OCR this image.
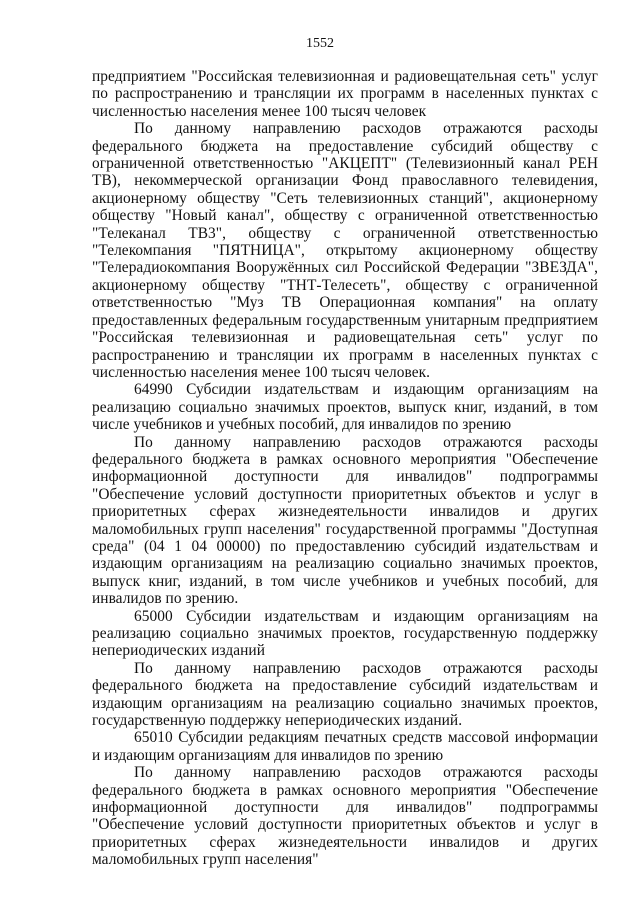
1552

предприятием "Российская телевизионная и радиовещательная сеть" услуг по распространению и трансляции их программ в населенных пунктах с численностью населения менее 100 тысяч человек

По данному направлению расходов отражаются расходы федерального бюджета на предоставление субсидий обществу с ограниченной ответственностью "АКЦЕПТ" (Телевизионный канал РЕН ТВ), некоммерческой организации Фонд православного телевидения, акционерному обществу "Сеть телевизионных станций", акционерному обществу "Новый канал", обществу с ограниченной ответственностью "Телеканал ТВ3", обществу с ограниченной ответственностью "Телекомпания "ПЯТНИЦА", открытому акционерному обществу "Телерадиокомпания Вооружённых сил Российской Федерации "ЗВЕЗДА", акционерному обществу "ТНТ-Телесеть", обществу с ограниченной ответственностью "Муз ТВ Операционная компания" на оплату предоставленных федеральным государственным унитарным предприятием "Российская телевизионная и радиовещательная сеть" услуг по распространению и трансляции их программ в населенных пунктах с численностью населения менее 100 тысяч человек.

64990 Субсидии издательствам и издающим организациям на реализацию социально значимых проектов, выпуск книг, изданий, в том числе учебников и учебных пособий, для инвалидов по зрению

По данному направлению расходов отражаются расходы федерального бюджета в рамках основного мероприятия "Обеспечение информационной доступности для инвалидов" подпрограммы "Обеспечение условий доступности приоритетных объектов и услуг в приоритетных сферах жизнедеятельности инвалидов и других маломобильных групп населения" государственной программы "Доступная среда" (04 1 04 00000) по предоставлению субсидий издательствам и издающим организациям на реализацию социально значимых проектов, выпуск книг, изданий, в том числе учебников и учебных пособий, для инвалидов по зрению.

65000 Субсидии издательствам и издающим организациям на реализацию социально значимых проектов, государственную поддержку непериодических изданий

По данному направлению расходов отражаются расходы федерального бюджета на предоставление субсидий издательствам и издающим организациям на реализацию социально значимых проектов, государственную поддержку непериодических изданий.

65010 Субсидии редакциям печатных средств массовой информации и издающим организациям для инвалидов по зрению

По данному направлению расходов отражаются расходы федерального бюджета в рамках основного мероприятия "Обеспечение информационной доступности для инвалидов" подпрограммы "Обеспечение условий доступности приоритетных объектов и услуг в приоритетных сферах жизнедеятельности инвалидов и других маломобильных групп населения"
